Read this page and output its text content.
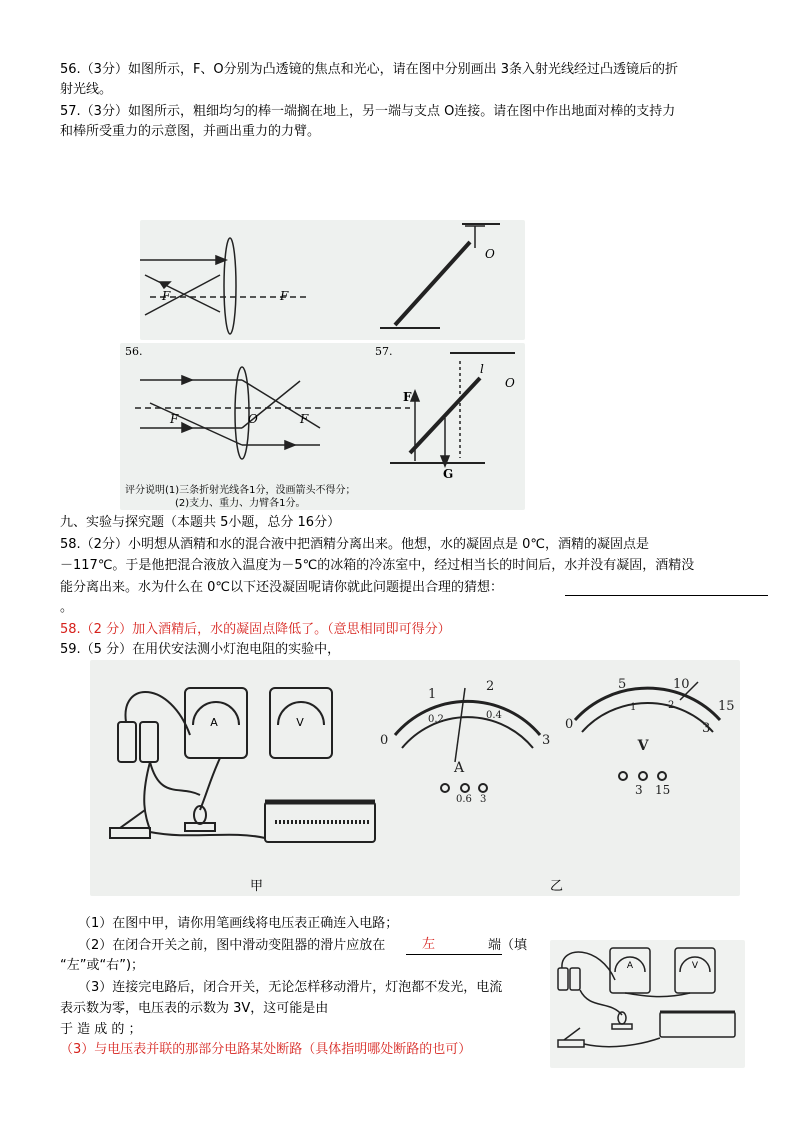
56.（3分）如图所示，F、O分别为凸透镜的焦点和光心，请在图中分别画出 3条入射光线经过凸透镜后的折
射光线。
57.（3分）如图所示，粗细均匀的棒一端搁在地上，另一端与支点 O连接。请在图中作出地面对棒的支持力
和棒所受重力的示意图，并画出重力的力臂。
F	F
O
56.	57.
F	F
O
O
F
G
l
评分说明(1)三条折射光线各1分，没画箭头不得分；
(2)支力、重力、力臂各1分。
九、实验与探究题（本题共 5小题，总分 16分）
58.（2分）小明想从酒精和水的混合液中把酒精分离出来。他想，水的凝固点是 0℃，酒精的凝固点是
－117℃。于是他把混合液放入温度为－5℃的冰箱的冷冻室中，经过相当长的时间后，水并没有凝固，酒精没
能分离出来。水为什么在 0℃以下还没凝固呢请你就此问题提出合理的猜想：
。
58.（2 分）加入酒精后，水的凝固点降低了。（意思相同即可得分）
59.（5 分）在用伏安法测小灯泡电阻的实验中，
A	V
0
0.2	0.4
1
2
3
A
0.6 3
0
5	10
15
1	2
3
V
3 15
甲	乙
（1）在图中甲，请你用笔画线将电压表正确连入电路；
（2）在闭合开关之前，图中滑动变阻器的滑片应放在	左	端（填
“左”或“右”)；
（3）连接完电路后，闭合开关，无论怎样移动滑片，灯泡都不发光，电流
表示数为零，电压表的示数为 3V，这可能是由
于 造 成 的 ；
（3）与电压表并联的那部分电路某处断路（具体指明哪处断路的也可）
A	V
